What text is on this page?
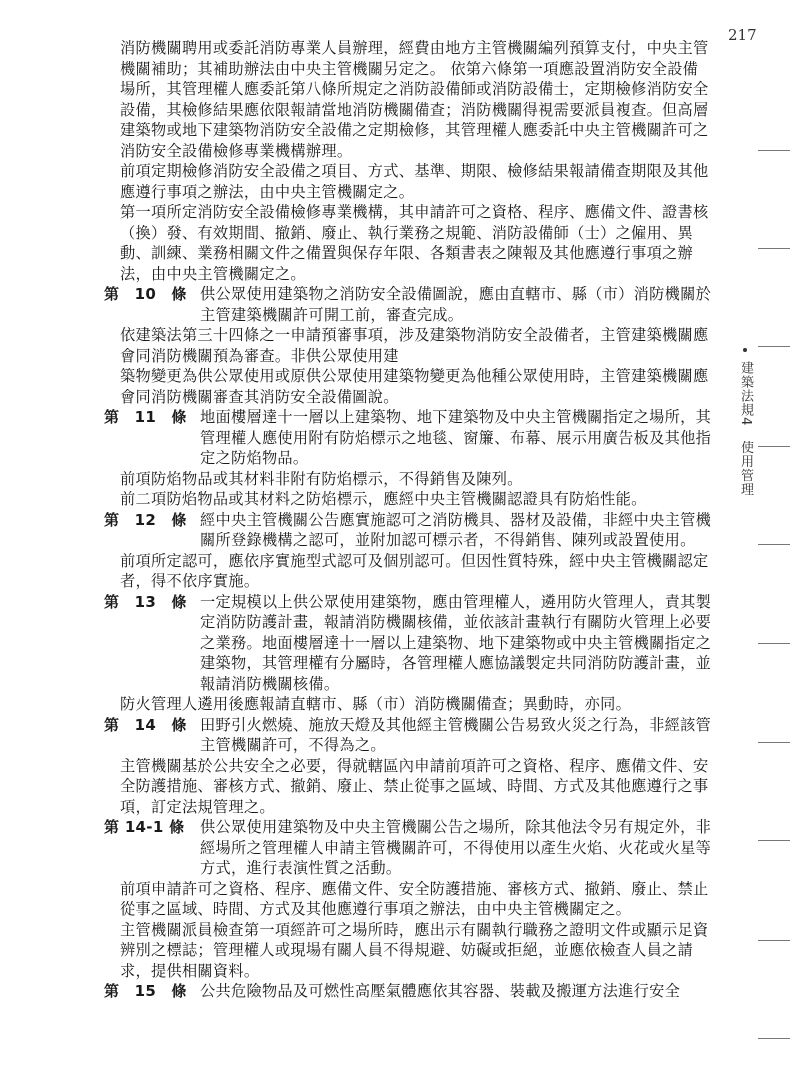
217
建築法規4　使用管理
消防機關聘用或委託消防專業人員辦理，經費由地方主管機關編列預算支付，中央主管機關補助；其補助辦法由中央主管機關另定之。 依第六條第一項應設置消防安全設備場所，其管理權人應委託第八條所規定之消防設備師或消防設備士，定期檢修消防安全設備，其檢修結果應依限報請當地消防機關備查；消防機關得視需要派員複查。但高層建築物或地下建築物消防安全設備之定期檢修，其管理權人應委託中央主管機關許可之消防安全設備檢修專業機構辦理。
前項定期檢修消防安全設備之項目、方式、基準、期限、檢修結果報請備查期限及其他應遵行事項之辦法，由中央主管機關定之。
第一項所定消防安全設備檢修專業機構，其申請許可之資格、程序、應備文件、證書核（換）發、有效期間、撤銷、廢止、執行業務之規範、消防設備師（士）之僱用、異動、訓練、業務相關文件之備置與保存年限、各類書表之陳報及其他應遵行事項之辦法，由中央主管機關定之。
第　10　條 供公眾使用建築物之消防安全設備圖說，應由直轄市、縣（市）消防機關於主管建築機關許可開工前，審查完成。
依建築法第三十四條之一申請預審事項，涉及建築物消防安全設備者，主管建築機關應會同消防機關預為審查。非供公眾使用建
築物變更為供公眾使用或原供公眾使用建築物變更為他種公眾使用時，主管建築機關應會同消防機關審查其消防安全設備圖說。
第　11　條 地面樓層達十一層以上建築物、地下建築物及中央主管機關指定之場所，其管理權人應使用附有防焰標示之地毯、窗簾、布幕、展示用廣告板及其他指定之防焰物品。
前項防焰物品或其材料非附有防焰標示，不得銷售及陳列。
前二項防焰物品或其材料之防焰標示，應經中央主管機關認證具有防焰性能。
第　12　條 經中央主管機關公告應實施認可之消防機具、器材及設備，非經中央主管機關所登錄機構之認可，並附加認可標示者，不得銷售、陳列或設置使用。
前項所定認可，應依序實施型式認可及個別認可。但因性質特殊，經中央主管機關認定者，得不依序實施。
第　13　條 一定規模以上供公眾使用建築物，應由管理權人，遴用防火管理人，責其製定消防防護計畫，報請消防機關核備，並依該計畫執行有關防火管理上必要之業務。地面樓層達十一層以上建築物、地下建築物或中央主管機關指定之建築物，其管理權有分屬時，各管理權人應協議製定共同消防防護計畫，並報請消防機關核備。
防火管理人遴用後應報請直轄市、縣（市）消防機關備查；異動時，亦同。
第　14　條 田野引火燃燒、施放天燈及其他經主管機關公告易致火災之行為，非經該管主管機關許可，不得為之。
主管機關基於公共安全之必要，得就轄區內申請前項許可之資格、程序、應備文件、安全防護措施、審核方式、撤銷、廢止、禁止從事之區域、時間、方式及其他應遵行之事項，訂定法規管理之。
第 14-1 條	供公眾使用建築物及中央主管機關公告之場所，除其他法令另有規定外，非經場所之管理權人申請主管機關許可，不得使用以產生火焰、火花或火星等方式，進行表演性質之活動。
前項申請許可之資格、程序、應備文件、安全防護措施、審核方式、撤銷、廢止、禁止從事之區域、時間、方式及其他應遵行事項之辦法，由中央主管機關定之。
主管機關派員檢查第一項經許可之場所時，應出示有關執行職務之證明文件或顯示足資辨別之標誌；管理權人或現場有關人員不得規避、妨礙或拒絕，並應依檢查人員之請求，提供相關資料。
第　15　條 公共危險物品及可燃性高壓氣體應依其容器、裝載及搬運方法進行安全
